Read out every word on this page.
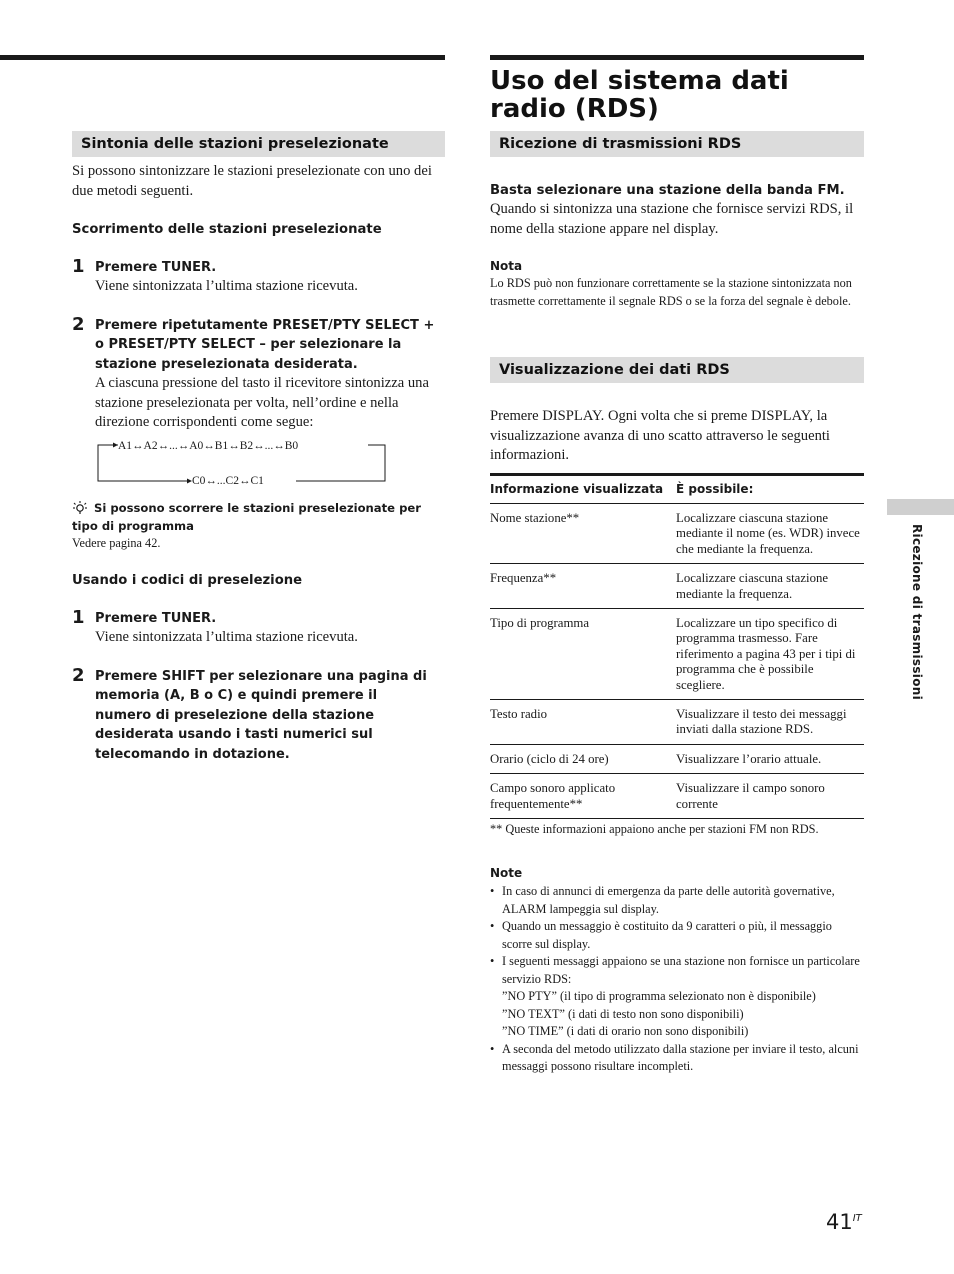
Sintonia delle stazioni preselezionate
Si possono sintonizzare le stazioni preselezionate con uno dei due metodi seguenti.
Scorrimento delle stazioni preselezionate
1 Premere TUNER.
Viene sintonizzata l’ultima stazione ricevuta.
2 Premere ripetutamente PRESET/PTY SELECT + o PRESET/PTY SELECT – per selezionare la stazione preselezionata desiderata.
A ciascuna pressione del tasto il ricevitore sintonizza una stazione preselezionata per volta, nell’ordine e nella direzione corrispondenti come segue:
A1↔A2↔...↔A0↔B1↔B2↔...↔B0
C0↔...C2↔C1
Si possono scorrere le stazioni preselezionate per tipo di programma
Vedere pagina 42.
Usando i codici di preselezione
1 Premere TUNER.
Viene sintonizzata l’ultima stazione ricevuta.
2 Premere SHIFT per selezionare una pagina di memoria (A, B o C) e quindi premere il numero di preselezione della stazione desiderata usando i tasti numerici sul telecomando in dotazione.
Uso del sistema dati radio (RDS)
Ricezione di trasmissioni RDS
Basta selezionare una stazione della banda FM.
Quando si sintonizza una stazione che fornisce servizi RDS, il nome della stazione appare nel display.
Nota
Lo RDS può non funzionare correttamente se la stazione sintonizzata non trasmette correttamente il segnale RDS o se la forza del segnale è debole.
Visualizzazione dei dati RDS
Premere DISPLAY. Ogni volta che si preme DISPLAY, la visualizzazione avanza di uno scatto attraverso le seguenti informazioni.
Informazione visualizzata	È possibile:
Nome stazione**	Localizzare ciascuna stazione mediante il nome (es. WDR) invece che mediante la frequenza.
Frequenza**	Localizzare ciascuna stazione mediante la frequenza.
Tipo di programma	Localizzare un tipo specifico di programma trasmesso. Fare riferimento a pagina 43 per i tipi di programma che è possibile scegliere.
Testo radio	Visualizzare il testo dei messaggi inviati dalla stazione RDS.
Orario (ciclo di 24 ore)	Visualizzare l’orario attuale.
Campo sonoro applicato frequentemente**	Visualizzare il campo sonoro corrente
** Queste informazioni appaiono anche per stazioni FM non RDS.
Note
• In caso di annunci di emergenza da parte delle autorità governative, ALARM lampeggia sul display.
• Quando un messaggio è costituito da 9 caratteri o più, il messaggio scorre sul display.
• I seguenti messaggi appaiono se una stazione non fornisce un particolare servizio RDS:
”NO PTY” (il tipo di programma selezionato non è disponibile)
”NO TEXT” (i dati di testo non sono disponibili)
”NO TIME” (i dati di orario non sono disponibili)
• A seconda del metodo utilizzato dalla stazione per inviare il testo, alcuni messaggi possono risultare incompleti.
Ricezione di trasmissioni
$41^{IT}$
